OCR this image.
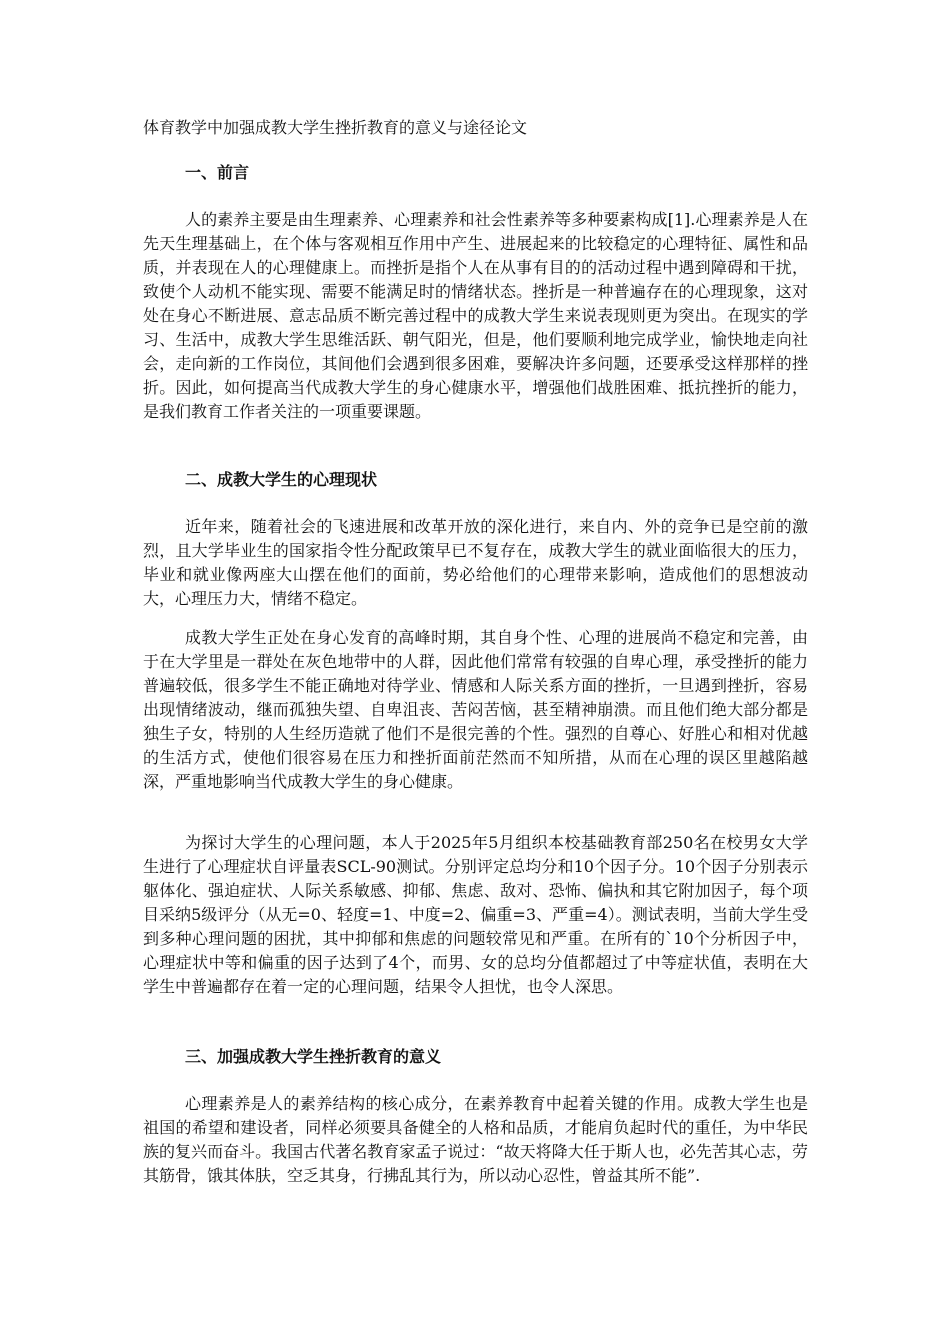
体育教学中加强成教大学生挫折教育的意义与途径论文
一、前言

人的素养主要是由生理素养、心理素养和社会性素养等多种要素构成[1].心理素养是人在先天生理基础上，在个体与客观相互作用中产生、进展起来的比较稳定的心理特征、属性和品质，并表现在人的心理健康上。而挫折是指个人在从事有目的的活动过程中遇到障碍和干扰，致使个人动机不能实现、需要不能满足时的情绪状态。挫折是一种普遍存在的心理现象，这对处在身心不断进展、意志品质不断完善过程中的成教大学生来说表现则更为突出。在现实的学习、生活中，成教大学生思维活跃、朝气阳光，但是，他们要顺利地完成学业，愉快地走向社会，走向新的工作岗位，其间他们会遇到很多困难，要解决许多问题，还要承受这样那样的挫折。因此，如何提高当代成教大学生的身心健康水平，增强他们战胜困难、抵抗挫折的能力，是我们教育工作者关注的一项重要课题。

二、成教大学生的心理现状

近年来，随着社会的飞速进展和改革开放的深化进行，来自内、外的竞争已是空前的激烈，且大学毕业生的国家指令性分配政策早已不复存在，成教大学生的就业面临很大的压力，毕业和就业像两座大山摆在他们的面前，势必给他们的心理带来影响，造成他们的思想波动大，心理压力大，情绪不稳定。

成教大学生正处在身心发育的高峰时期，其自身个性、心理的进展尚不稳定和完善，由于在大学里是一群处在灰色地带中的人群，因此他们常常有较强的自卑心理，承受挫折的能力普遍较低，很多学生不能正确地对待学业、情感和人际关系方面的挫折，一旦遇到挫折，容易出现情绪波动，继而孤独失望、自卑沮丧、苦闷苦恼，甚至精神崩溃。而且他们绝大部分都是独生子女，特别的人生经历造就了他们不是很完善的个性。强烈的自尊心、好胜心和相对优越的生活方式，使他们很容易在压力和挫折面前茫然而不知所措，从而在心理的误区里越陷越深，严重地影响当代成教大学生的身心健康。

为探讨大学生的心理问题，本人于2025年5月组织本校基础教育部250名在校男女大学生进行了心理症状自评量表SCL-90测试。分别评定总均分和10个因子分。10个因子分别表示躯体化、强迫症状、人际关系敏感、抑郁、焦虑、敌对、恐怖、偏执和其它附加因子，每个项目采纳5级评分（从无=0、轻度=1、中度=2、偏重=3、严重=4）。测试表明，当前大学生受到多种心理问题的困扰，其中抑郁和焦虑的问题较常见和严重。在所有的`10个分析因子中，心理症状中等和偏重的因子达到了4个，而男、女的总均分值都超过了中等症状值，表明在大学生中普遍都存在着一定的心理问题，结果令人担忧，也令人深思。

三、加强成教大学生挫折教育的意义

心理素养是人的素养结构的核心成分，在素养教育中起着关键的作用。成教大学生也是祖国的希望和建设者，同样必须要具备健全的人格和品质，才能肩负起时代的重任，为中华民族的复兴而奋斗。我国古代著名教育家孟子说过：“故天将降大任于斯人也，必先苦其心志，劳其筋骨，饿其体肤，空乏其身，行拂乱其行为，所以动心忍性，曾益其所不能”.
